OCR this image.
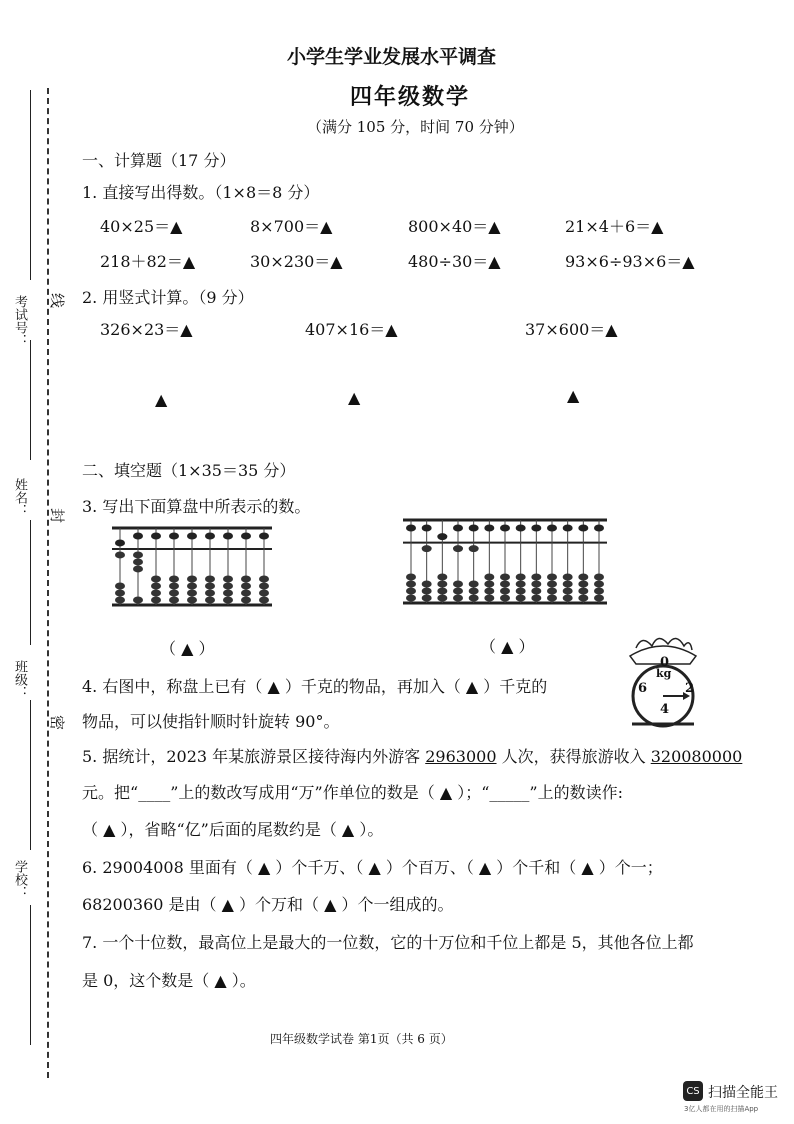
考试号：
姓名：
班级：
学校：
线
封
密
小学生学业发展水平调查
四年级数学
（满分 105 分，时间 70 分钟）
一、计算题（17 分）
1. 直接写出得数。（1×8＝8 分）
40×25＝▲	8×700＝▲	800×40＝▲	21×4＋6＝▲
218＋82＝▲	30×230＝▲	480÷30＝▲	93×6÷93×6＝▲
2. 用竖式计算。（9 分）
326×23＝▲	407×16＝▲	37×600＝▲
▲	▲	▲
二、填空题（1×35＝35 分）
3. 写出下面算盘中所表示的数。
（ ▲ ）	（ ▲ ）
4. 右图中，称盘上已有（ ▲ ）千克的物品，再加入（ ▲ ）千克的
物品，可以使指针顺时针旋转 90°。
0
kg
6	2
4
5. 据统计，2023 年某旅游景区接待海内外游客 2963000 人次，获得旅游收入 320080000
元。把“____”上的数改写成用“万”作单位的数是（ ▲ ）；“_____”上的数读作:
（ ▲ ），省略“亿”后面的尾数约是（ ▲ ）。
6. 29004008 里面有（ ▲ ）个千万、（ ▲ ）个百万、（ ▲ ）个千和（ ▲ ）个一；
68200360 是由（ ▲ ）个万和（ ▲ ）个一组成的。
7. 一个十位数，最高位上是最大的一位数，它的十万位和千位上都是 5，其他各位上都
是 0，这个数是（ ▲ ）。
四年级数学试卷 第1页（共 6 页）
CS 扫描全能王
3亿人都在用的扫描App
